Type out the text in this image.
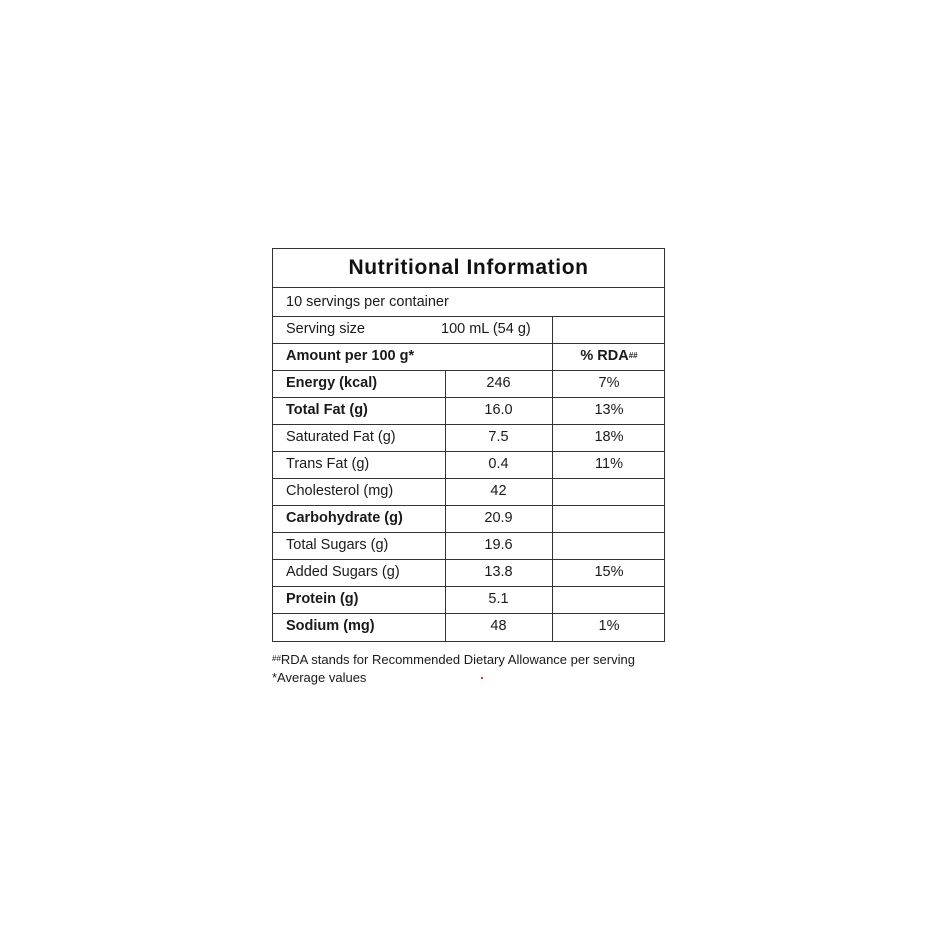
Nutritional Information
10 servings per container
Serving size	100 mL (54 g)
Amount per 100 g*	% RDA##
Energy (kcal)	246	7%
Total Fat (g)	16.0	13%
Saturated Fat (g)	7.5	18%
Trans Fat (g)	0.4	11%
Cholesterol (mg)	42
Carbohydrate (g)	20.9
Total Sugars (g)	19.6
Added Sugars (g)	13.8	15%
Protein (g)	5.1
Sodium (mg)	48	1%
##RDA stands for Recommended Dietary Allowance per serving
*Average values
